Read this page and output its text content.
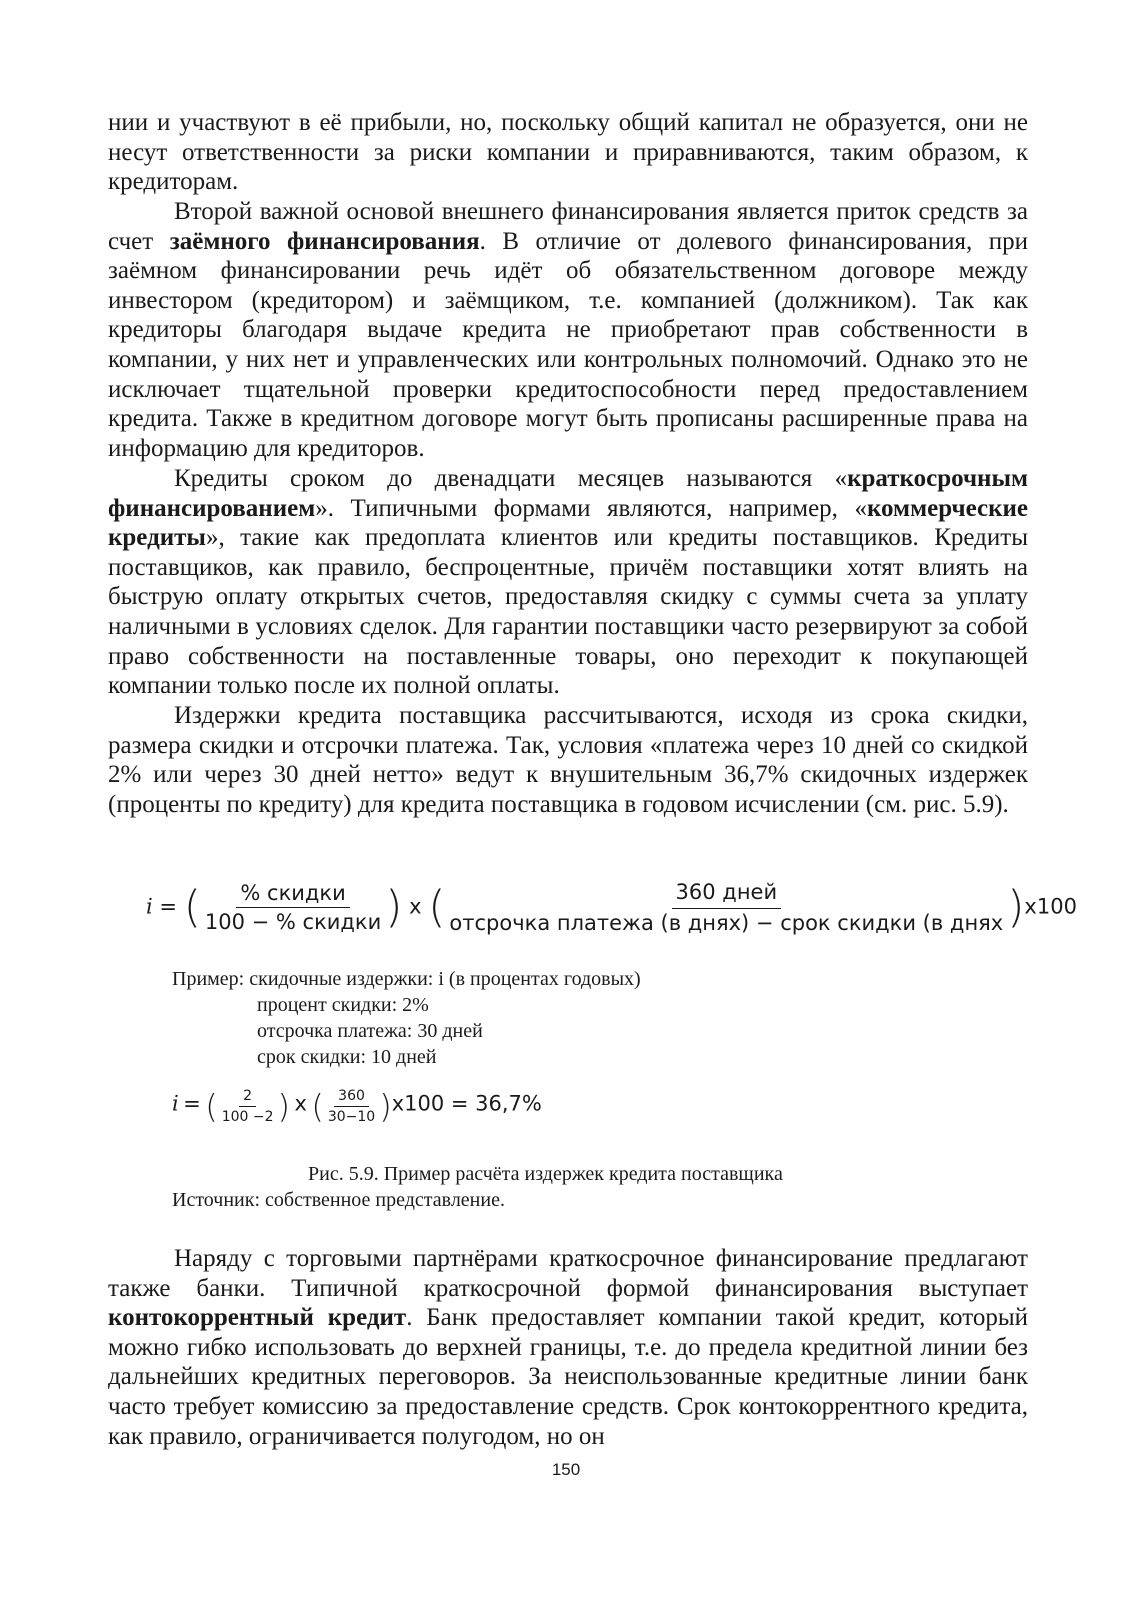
нии и участвуют в её прибыли, но, поскольку общий капитал не образуется, они не несут ответственности за риски компании и приравниваются, таким образом, к кредиторам.

Второй важной основой внешнего финансирования является приток средств за счет заёмного финансирования. В отличие от долевого финансирования, при заёмном финансировании речь идёт об обязательственном договоре между инвестором (кредитором) и заёмщиком, т.е. компанией (должником). Так как кредиторы благодаря выдаче кредита не приобретают прав собственности в компании, у них нет и управленческих или контрольных полномочий. Однако это не исключает тщательной проверки кредитоспособности перед предоставлением кредита. Также в кредитном договоре могут быть прописаны расширенные права на информацию для кредиторов.

Кредиты сроком до двенадцати месяцев называются «краткосрочным финансированием». Типичными формами являются, например, «коммерческие кредиты», такие как предоплата клиентов или кредиты поставщиков. Кредиты поставщиков, как правило, беспроцентные, причём поставщики хотят влиять на быструю оплату открытых счетов, предоставляя скидку с суммы счета за уплату наличными в условиях сделок. Для гарантии поставщики часто резервируют за собой право собственности на поставленные товары, оно переходит к покупающей компании только после их полной оплаты.

Издержки кредита поставщика рассчитываются, исходя из срока скидки, размера скидки и отсрочки платежа. Так, условия «платежа через 10 дней со скидкой 2% или через 30 дней нетто» ведут к внушительным 36,7% скидочных издержек (проценты по кредиту) для кредита поставщика в годовом исчислении (см. рис. 5.9).

i = ( $\frac{\text{\% скидки}}{\text{100 − \% скидки}}$ ) x ( $\frac{\text{360 дней}}{\text{отсрочка платежа (в днях) − срок скидки (в днях}} )x100$
Пример: скидочные издержки: i (в процентах годовых)
процент скидки: 2%
отсрочка платежа: 30 дней
срок скидки: 10 дней
i = ( $\frac{2}{100 -2}$ ) x ( $\frac{360}{30-10} )x100 = 36,7\%$
Рис. 5.9. Пример расчёта издержек кредита поставщика
Источник: собственное представление.

Наряду с торговыми партнёрами краткосрочное финансирование предлагают также банки. Типичной краткосрочной формой финансирования выступает контокоррентный кредит. Банк предоставляет компании такой кредит, который можно гибко использовать до верхней границы, т.е. до предела кредитной линии без дальнейших кредитных переговоров. За неиспользованные кредитные линии банк часто требует комиссию за предоставление средств. Срок контокоррентного кредита, как правило, ограничивается полугодом, но он

150
